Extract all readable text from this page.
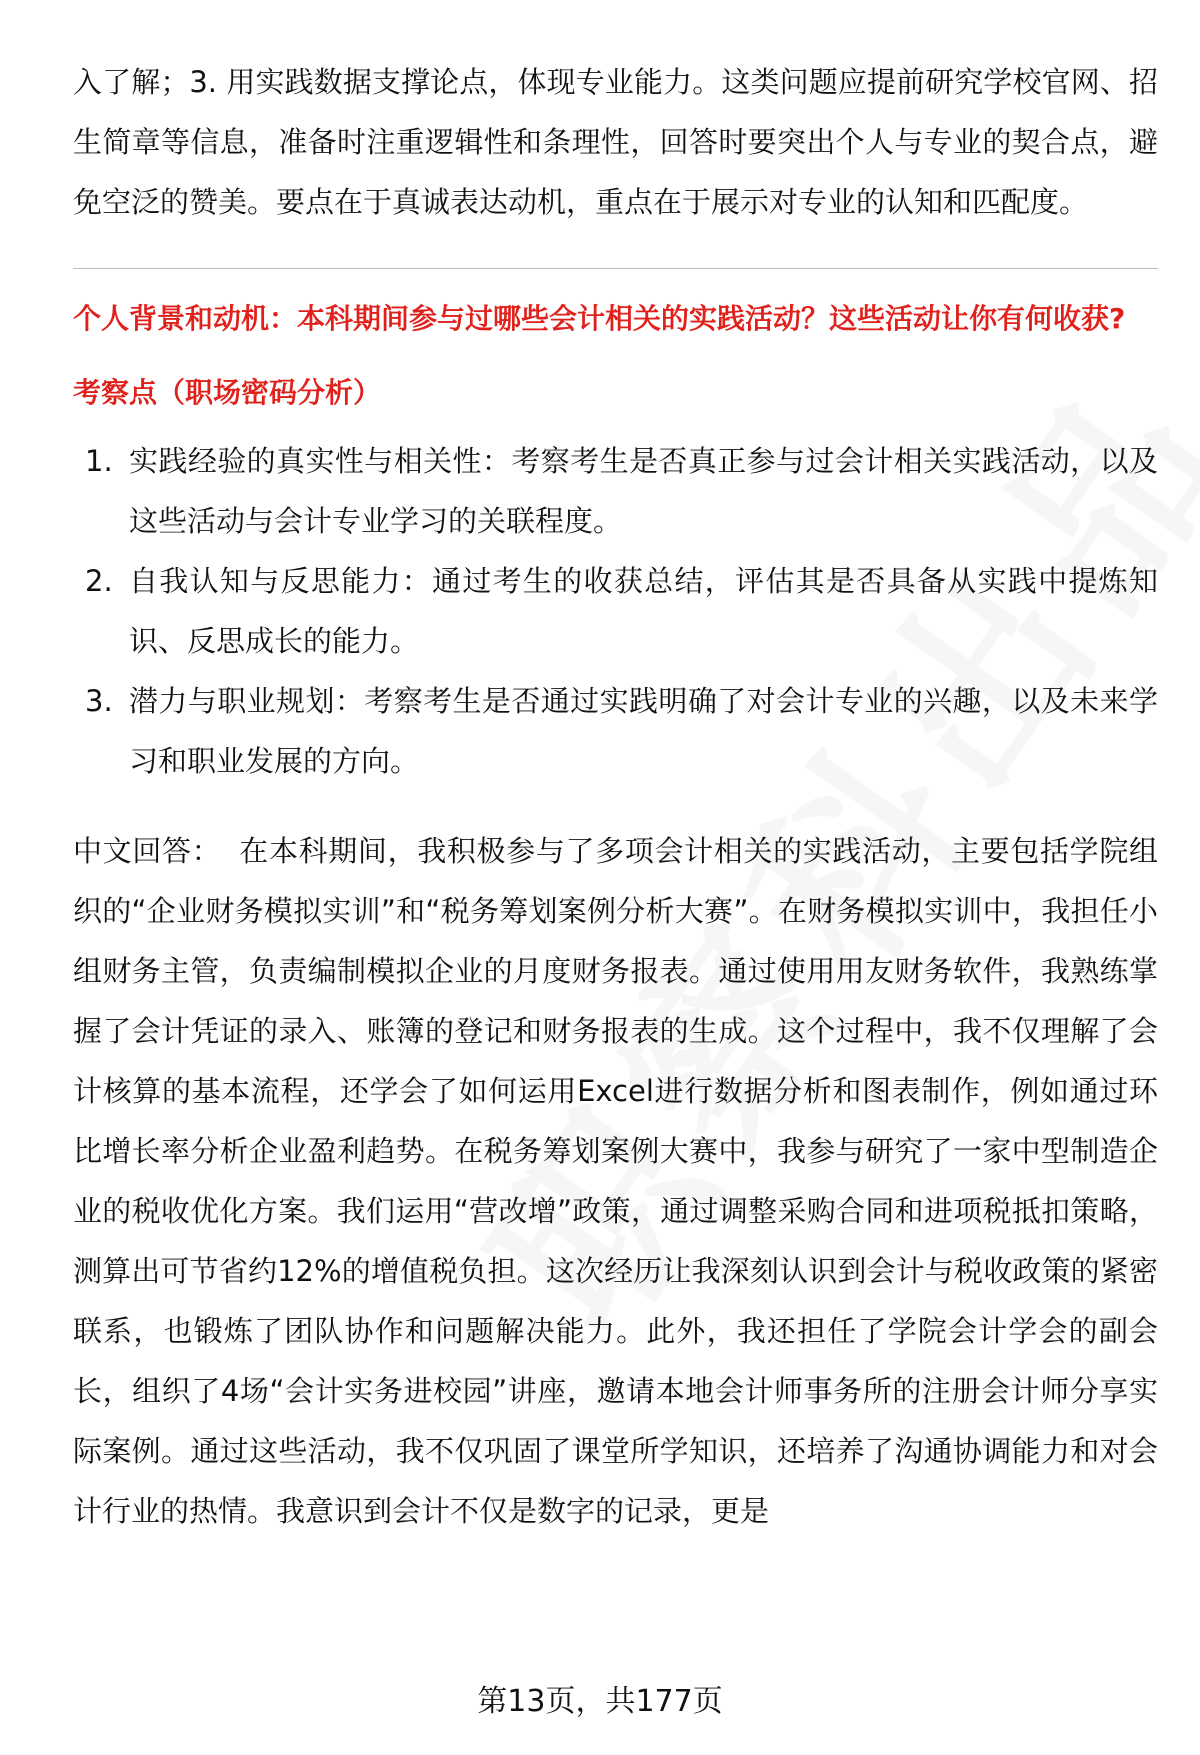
入了解；3. 用实践数据支撑论点，体现专业能力。这类问题应提前研究学校官网、招生简章等信息，准备时注重逻辑性和条理性，回答时要突出个人与专业的契合点，避免空泛的赞美。要点在于真诚表达动机，重点在于展示对专业的认知和匹配度。

个人背景和动机：本科期间参与过哪些会计相关的实践活动？这些活动让你有何收获?
考察点（职场密码分析）
1. 实践经验的真实性与相关性：考察考生是否真正参与过会计相关实践活动，以及这些活动与会计专业学习的关联程度。
2. 自我认知与反思能力：通过考生的收获总结，评估其是否具备从实践中提炼知识、反思成长的能力。
3. 潜力与职业规划：考察考生是否通过实践明确了对会计专业的兴趣，以及未来学习和职业发展的方向。

中文回答： 在本科期间，我积极参与了多项会计相关的实践活动，主要包括学院组织的“企业财务模拟实训”和“税务筹划案例分析大赛”。在财务模拟实训中，我担任小组财务主管，负责编制模拟企业的月度财务报表。通过使用用友财务软件，我熟练掌握了会计凭证的录入、账簿的登记和财务报表的生成。这个过程中，我不仅理解了会计核算的基本流程，还学会了如何运用Excel进行数据分析和图表制作，例如通过环比增长率分析企业盈利趋势。在税务筹划案例大赛中，我参与研究了一家中型制造企业的税收优化方案。我们运用“营改增”政策，通过调整采购合同和进项税抵扣策略，测算出可节省约12%的增值税负担。这次经历让我深刻认识到会计与税收政策的紧密联系，也锻炼了团队协作和问题解决能力。此外，我还担任了学院会计学会的副会长，组织了4场“会计实务进校园”讲座，邀请本地会计师事务所的注册会计师分享实际案例。通过这些活动，我不仅巩固了课堂所学知识，还培养了沟通协调能力和对会计行业的热情。我意识到会计不仅是数字的记录，更是

第13页，共177页
